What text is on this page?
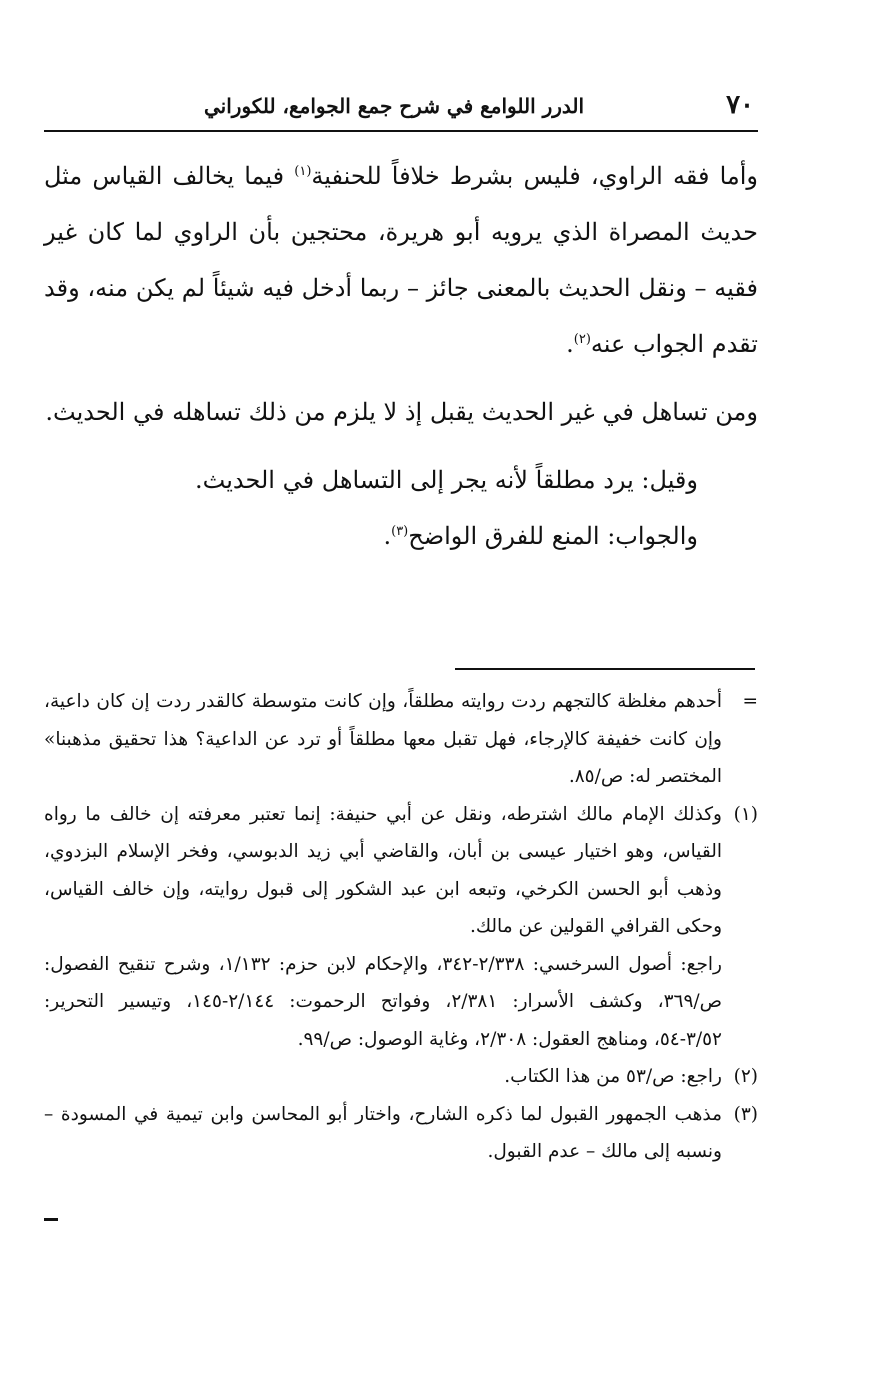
٧٠
الدرر اللوامع في شرح جمع الجوامع، للكوراني

وأما فقه الراوي، فليس بشرط خلافاً للحنفية$^{(١)}$ فيما يخالف القياس مثل حديث المصراة الذي يرويه أبو هريرة، محتجين بأن الراوي لما كان غير فقيه – ونقل الحديث بالمعنى جائز – ربما أدخل فيه شيئاً لم يكن منه، وقد تقدم الجواب عنه$^{(٢)}$.

ومن تساهل في غير الحديث يقبل إذ لا يلزم من ذلك تساهله في الحديث.

وقيل: يرد مطلقاً لأنه يجر إلى التساهل في الحديث.

والجواب: المنع للفرق الواضح$^{(٣)}$.

=
أحدهم مغلظة كالتجهم ردت روايته مطلقاً، وإن كانت متوسطة كالقدر ردت إن كان داعية، وإن كانت خفيفة كالإرجاء، فهل تقبل معها مطلقاً أو ترد عن الداعية؟ هذا تحقيق مذهبنا» المختصر له: ص/٨٥.

(١)
وكذلك الإمام مالك اشترطه، ونقل عن أبي حنيفة: إنما تعتبر معرفته إن خالف ما رواه القياس، وهو اختيار عيسى بن أبان، والقاضي أبي زيد الدبوسي، وفخر الإسلام البزدوي، وذهب أبو الحسن الكرخي، وتبعه ابن عبد الشكور إلى قبول روايته، وإن خالف القياس، وحكى القرافي القولين عن مالك.

راجع: أصول السرخسي: ٢/٣٣٨-٣٤٢، والإحكام لابن حزم: ١/١٣٢، وشرح تنقيح الفصول: ص/٣٦٩، وكشف الأسرار: ٢/٣٨١، وفواتح الرحموت: ٢/١٤٤-١٤٥، وتيسير التحرير: ٣/٥٢-٥٤، ومناهج العقول: ٢/٣٠٨، وغاية الوصول: ص/٩٩.

(٢)
راجع: ص/٥٣ من هذا الكتاب.

(٣)
مذهب الجمهور القبول لما ذكره الشارح، واختار أبو المحاسن وابن تيمية في المسودة – ونسبه إلى مالك – عدم القبول.
